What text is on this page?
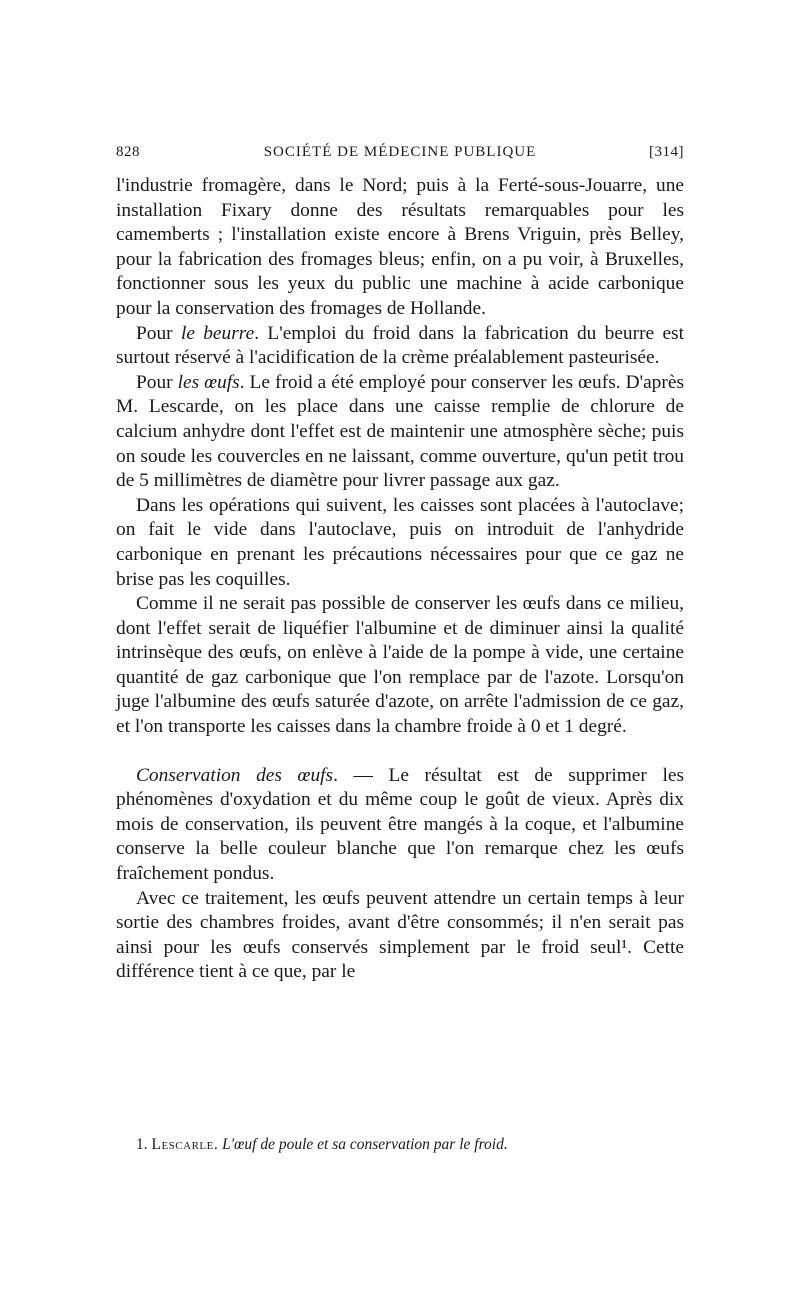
828	SOCIÉTÉ DE MÉDECINE PUBLIQUE	[314]

l'industrie fromagère, dans le Nord; puis à la Ferté-sous-Jouarre, une installation Fixary donne des résultats remarquables pour les camemberts ; l'installation existe encore à Brens Vriguin, près Belley, pour la fabrication des fromages bleus; enfin, on a pu voir, à Bruxelles, fonctionner sous les yeux du public une machine à acide carbonique pour la conservation des fromages de Hollande.

Pour le beurre. L'emploi du froid dans la fabrication du beurre est surtout réservé à l'acidification de la crème préalablement pasteurisée.

Pour les œufs. Le froid a été employé pour conserver les œufs. D'après M. Lescarde, on les place dans une caisse remplie de chlorure de calcium anhydre dont l'effet est de maintenir une atmosphère sèche; puis on soude les couvercles en ne laissant, comme ouverture, qu'un petit trou de 5 millimètres de diamètre pour livrer passage aux gaz.

Dans les opérations qui suivent, les caisses sont placées à l'autoclave; on fait le vide dans l'autoclave, puis on introduit de l'anhydride carbonique en prenant les précautions nécessaires pour que ce gaz ne brise pas les coquilles.

Comme il ne serait pas possible de conserver les œufs dans ce milieu, dont l'effet serait de liquéfier l'albumine et de diminuer ainsi la qualité intrinsèque des œufs, on enlève à l'aide de la pompe à vide, une certaine quantité de gaz carbonique que l'on remplace par de l'azote. Lorsqu'on juge l'albumine des œufs saturée d'azote, on arrête l'admission de ce gaz, et l'on transporte les caisses dans la chambre froide à 0 et 1 degré.

Conservation des œufs. — Le résultat est de supprimer les phénomènes d'oxydation et du même coup le goût de vieux. Après dix mois de conservation, ils peuvent être mangés à la coque, et l'albumine conserve la belle couleur blanche que l'on remarque chez les œufs fraîchement pondus.

Avec ce traitement, les œufs peuvent attendre un certain temps à leur sortie des chambres froides, avant d'être consommés; il n'en serait pas ainsi pour les œufs conservés simplement par le froid seul¹. Cette différence tient à ce que, par le

1. Lescarle. L'œuf de poule et sa conservation par le froid.
